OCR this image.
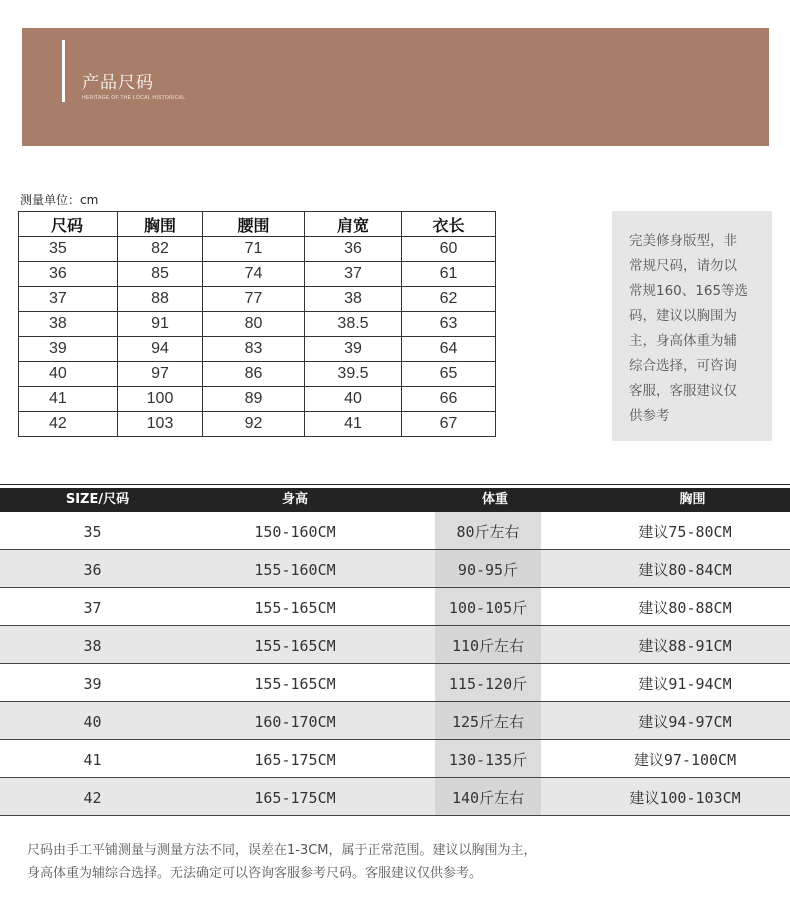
产品尺码
HERITAGE OF THE LOCAL HISTORICAL
测量单位：cm
尺码	胸围	腰围	肩宽	衣长
35	82	71	36	60
36	85	74	37	61
37	88	77	38	62
38	91	80	38.5	63
39	94	83	39	64
40	97	86	39.5	65
41	100	89	40	66
42	103	92	41	67
完美修身版型，非
常规尺码，请勿以
常规160、165等选
码，建议以胸围为
主，身高体重为辅
综合选择，可咨询
客服，客服建议仅
供参考
SIZE/尺码	身高	体重	胸围
35	150-160CM	80斤左右	建议75-80CM
36	155-160CM	90-95斤	建议80-84CM
37	155-165CM	100-105斤	建议80-88CM
38	155-165CM	110斤左右	建议88-91CM
39	155-165CM	115-120斤	建议91-94CM
40	160-170CM	125斤左右	建议94-97CM
41	165-175CM	130-135斤	建议97-100CM
42	165-175CM	140斤左右	建议100-103CM
尺码由手工平铺测量与测量方法不同，误差在1-3CM，属于正常范围。建议以胸围为主，
身高体重为辅综合选择。无法确定可以咨询客服参考尺码。客服建议仅供参考。
